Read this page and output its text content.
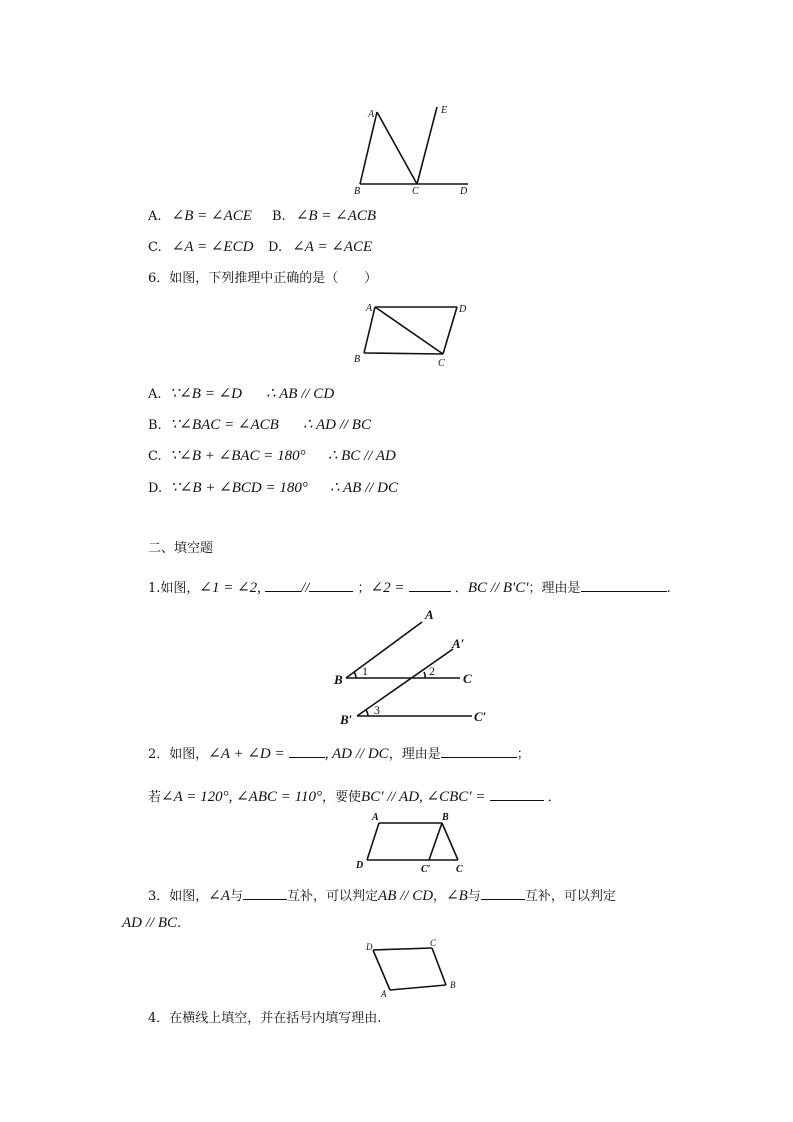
A	E
B	C	D
A. ∠B = ∠ACE B. ∠B = ∠ACB
C. ∠A = ∠ECD D. ∠A = ∠ACE
6．如图，下列推理中正确的是（　　）
A	D
B	C
A. ∵∠B = ∠D ∴ AB // CD
B. ∵∠BAC = ∠ACB ∴ AD // BC
C. ∵∠B + ∠BAC = 180° ∴ BC // AD
D. ∵∠B + ∠BCD = 180° ∴ AB // DC
二、填空题
1.如图，∠1 = ∠2,	//	；∠2 =	．BC // B′C′；理由是	.
A
A′
B	C
B′	C′
1	2
3
2．如图，∠A + ∠D =	, AD // DC，理由是	；
若∠A = 120°, ∠ABC = 110°，要使BC′ // AD, ∠CBC′ =	．
A	B
D	C′	C
3．如图，∠A与	互补，可以判定AB // CD，∠B与	互补，可以判定
AD // BC.
D	C
A
B
4．在横线上填空，并在括号内填写理由.
